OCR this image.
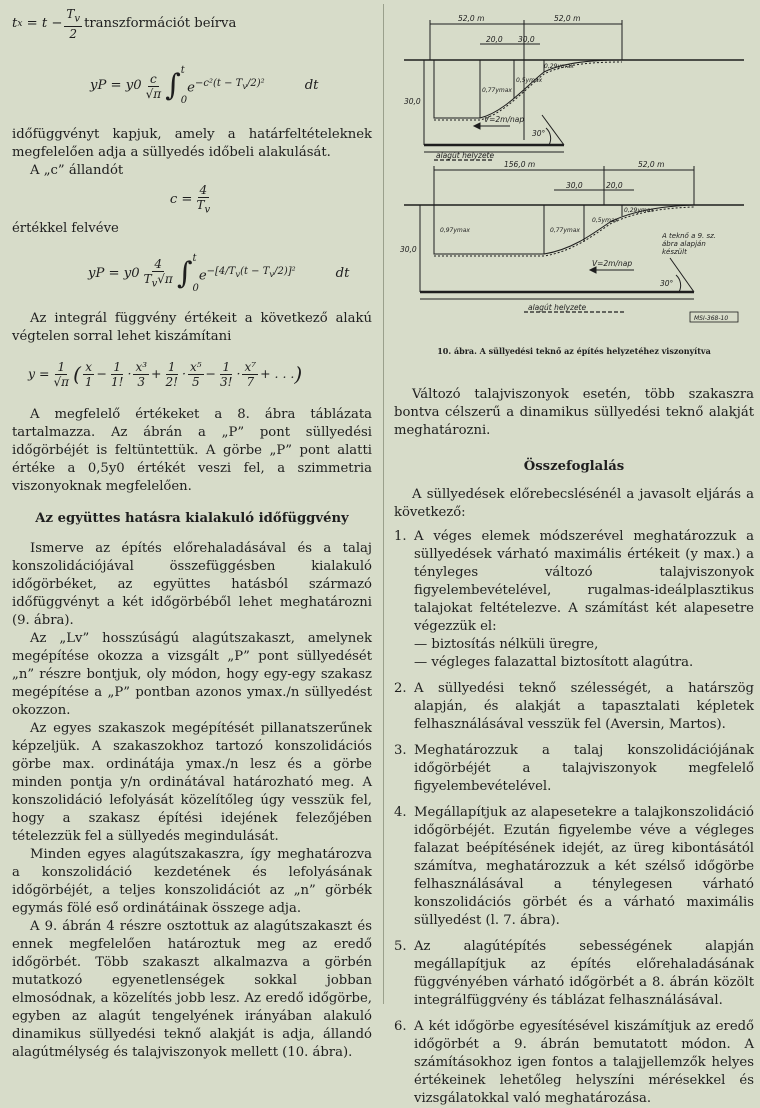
t x
= $t - \frac{T_v}{2}$ transzformációt beírva
yP = $y0 \frac{c}{√\pi}$ ∫ t
0
$e^{-c^2(t - T_v/2)^2}$	dt

időfüggvényt kapjuk, amely a határfeltételeknek megfelelően adja a süllyedés időbeli alakulását.

A „c” állandót

$c = \frac{4}{T_v}$

értékkel felvéve

yP = $y0 \frac{4}{T_v√\pi}$ ∫ t
0
$e^{-[4/T_v(t - T_v/2)]^2}$	dt

Az integrál függvény értékeit a következő alakú végtelen sorral lehet kiszámítani

$y = \frac{1}{√\pi}$ ( $\frac{x}{1} - \frac{1}{1!} \cdot \frac{\text{x³}}{3} + \frac{1}{2!} \cdot \frac{\text{x⁵}}{5} - \frac{1}{3!} \cdot \frac{\text{x⁷}}{7}$ + . . . )

A megfelelő értékeket a 8. ábra táblázata tartalmazza. Az ábrán a „P” pont süllyedési időgörbéjét is feltüntettük. A görbe „P” pont alatti értéke a 0,5y0 értékét veszi fel, a szimmetria viszonyoknak megfelelően.

Az együttes hatásra kialakuló időfüggvény

Ismerve az építés előrehaladásával és a talaj konszolidációjával összefüggésben kialakuló időgörbéket, az együttes hatásból származó időfüggvényt a két időgörbéből lehet meghatározni (9. ábra).

Az „Lv” hosszúságú alagútszakaszt, amelynek megépítése okozza a vizsgált „P” pont süllyedését „n” részre bontjuk, oly módon, hogy egy-egy szakasz megépítése a „P” pontban azonos ymax./n süllyedést okozzon.

Az egyes szakaszok megépítését pillanatszerűnek képzeljük. A szakaszokhoz tartozó konszolidációs görbe max. ordinátája ymax./n lesz és a görbe minden pontja y/n ordinátával határozható meg. A konszolidáció lefolyását közelítőleg úgy vesszük fel, hogy a szakasz építési idejének felezőjében tételezzük fel a süllyedés megindulását.

Minden egyes alagútszakaszra, így meghatározva a konszolidáció kezdetének és lefolyásának időgörbéjét, a teljes konszolidációt az „n” görbék egymás fölé eső ordinátáinak összege adja.

A 9. ábrán 4 részre osztottuk az alagútszakaszt és ennek megfelelően határoztuk meg az eredő időgörbét. Több szakaszt alkalmazva a görbén mutatkozó egyenetlenségek sokkal jobban elmosódnak, a közelítés jobb lesz. Az eredő időgörbe, egyben az alagút tengelyének irányában alakuló dinamikus süllyedési teknő alakját is adja, állandó alagútmélység és talajviszonyok mellett (10. ábra).

52,0 m	52,0 m
20,0 30,0
0,29ymax
0,5ymax
0,77ymax
30,0
V=2m/nap
30°
alagút helyzete
156,0 m	52,0 m
30,0	20,0
0,29ymax
0,5ymax
0,77ymax
0,97ymax
30,0
V=2m/nap
30°
A teknő a 9. sz. ábra alapján készült
alagút helyzete
MSI-368-10
10. ábra. A süllyedési teknő az építés helyzetéhez viszonyítva

Változó talajviszonyok esetén, több szakaszra bontva célszerű a dinamikus süllyedési teknő alakját meghatározni.

Összefoglalás

A süllyedések előrebecslésénél a javasolt eljárás a következő:

1. A véges elemek módszerével meghatározzuk a süllyedések várható maximális értékeit (y max.) a tényleges változó talajviszonyok figyelembevételével, rugalmas-ideálplasztikus talajokat feltételezve. A számítást két alapesetre végezzük el:
— biztosítás nélküli üregre,
— végleges falazattal biztosított alagútra.
2. A süllyedési teknő szélességét, a határszög alapján, és alakját a tapasztalati képletek felhasználásával vesszük fel (Aversin, Martos).
3. Meghatározzuk a talaj konszolidációjának időgörbéjét a talajviszonyok megfelelő figyelembevételével.
4. Megállapítjuk az alapesetekre a talajkonszolidáció időgörbéjét. Ezután figyelembe véve a végleges falazat beépítésének idejét, az üreg kibontásától számítva, meghatározzuk a két szélső időgörbe felhasználásával a ténylegesen várható konszolidációs görbét és a várható maximális süllyedést (l. 7. ábra).
5. Az alagútépítés sebességének alapján megállapítjuk az építés előrehaladásának függvényében várható időgörbét a 8. ábrán közölt integrálfüggvény és táblázat felhasználásával.
6. A két időgörbe egyesítésével kiszámítjuk az eredő időgörbét a 9. ábrán bemutatott módon. A számításokhoz igen fontos a talajjellemzők helyes értékeinek lehetőleg helyszíni mérésekkel és vizsgálatokkal való meghatározása.
